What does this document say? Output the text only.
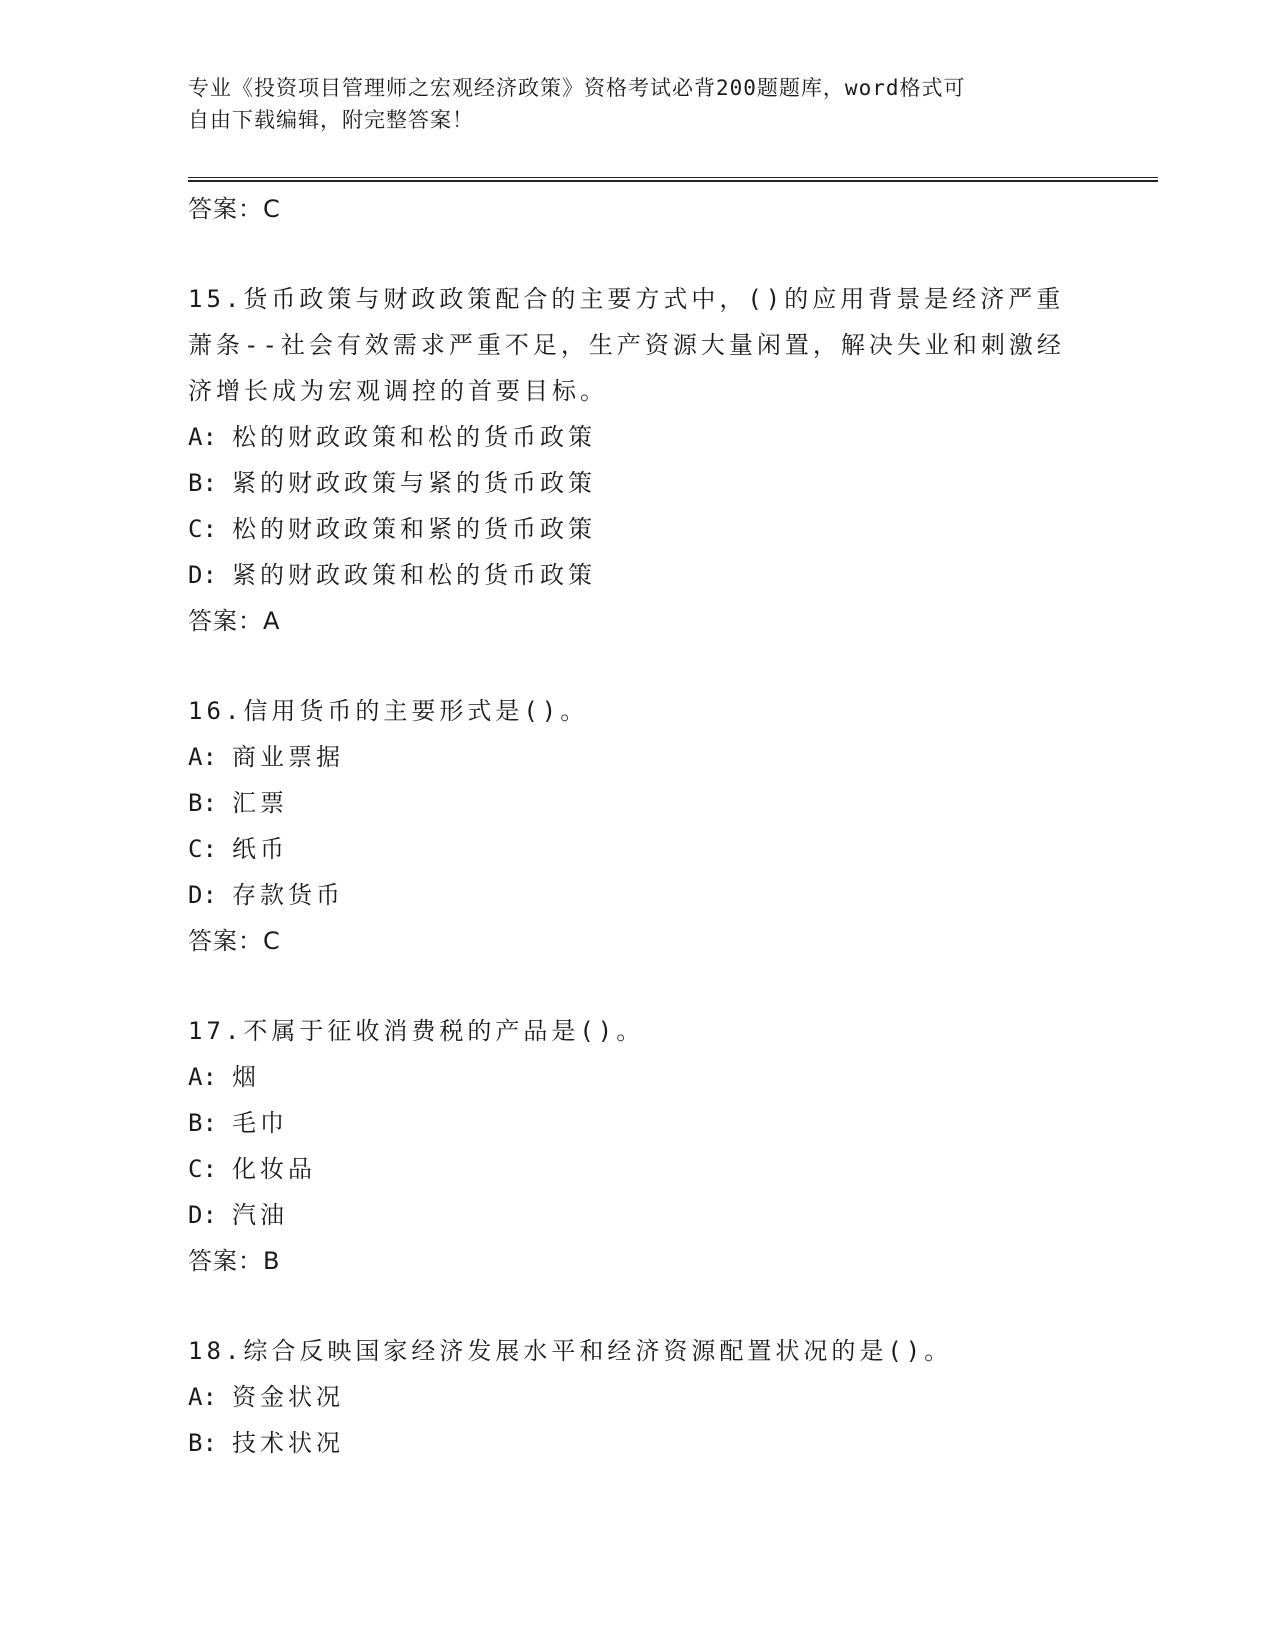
专业《投资项目管理师之宏观经济政策》资格考试必背200题题库，word格式可
自由下载编辑，附完整答案！
答案：C
15.货币政策与财政政策配合的主要方式中，()的应用背景是经济严重萧条--社会有效需求严重不足，生产资源大量闲置，解决失业和刺激经济增长成为宏观调控的首要目标。
A: 松的财政政策和松的货币政策
B: 紧的财政政策与紧的货币政策
C: 松的财政政策和紧的货币政策
D: 紧的财政政策和松的货币政策
答案：A
16.信用货币的主要形式是()。
A: 商业票据
B: 汇票
C: 纸币
D: 存款货币
答案：C
17.不属于征收消费税的产品是()。
A: 烟
B: 毛巾
C: 化妆品
D: 汽油
答案：B
18.综合反映国家经济发展水平和经济资源配置状况的是()。
A: 资金状况
B: 技术状况
